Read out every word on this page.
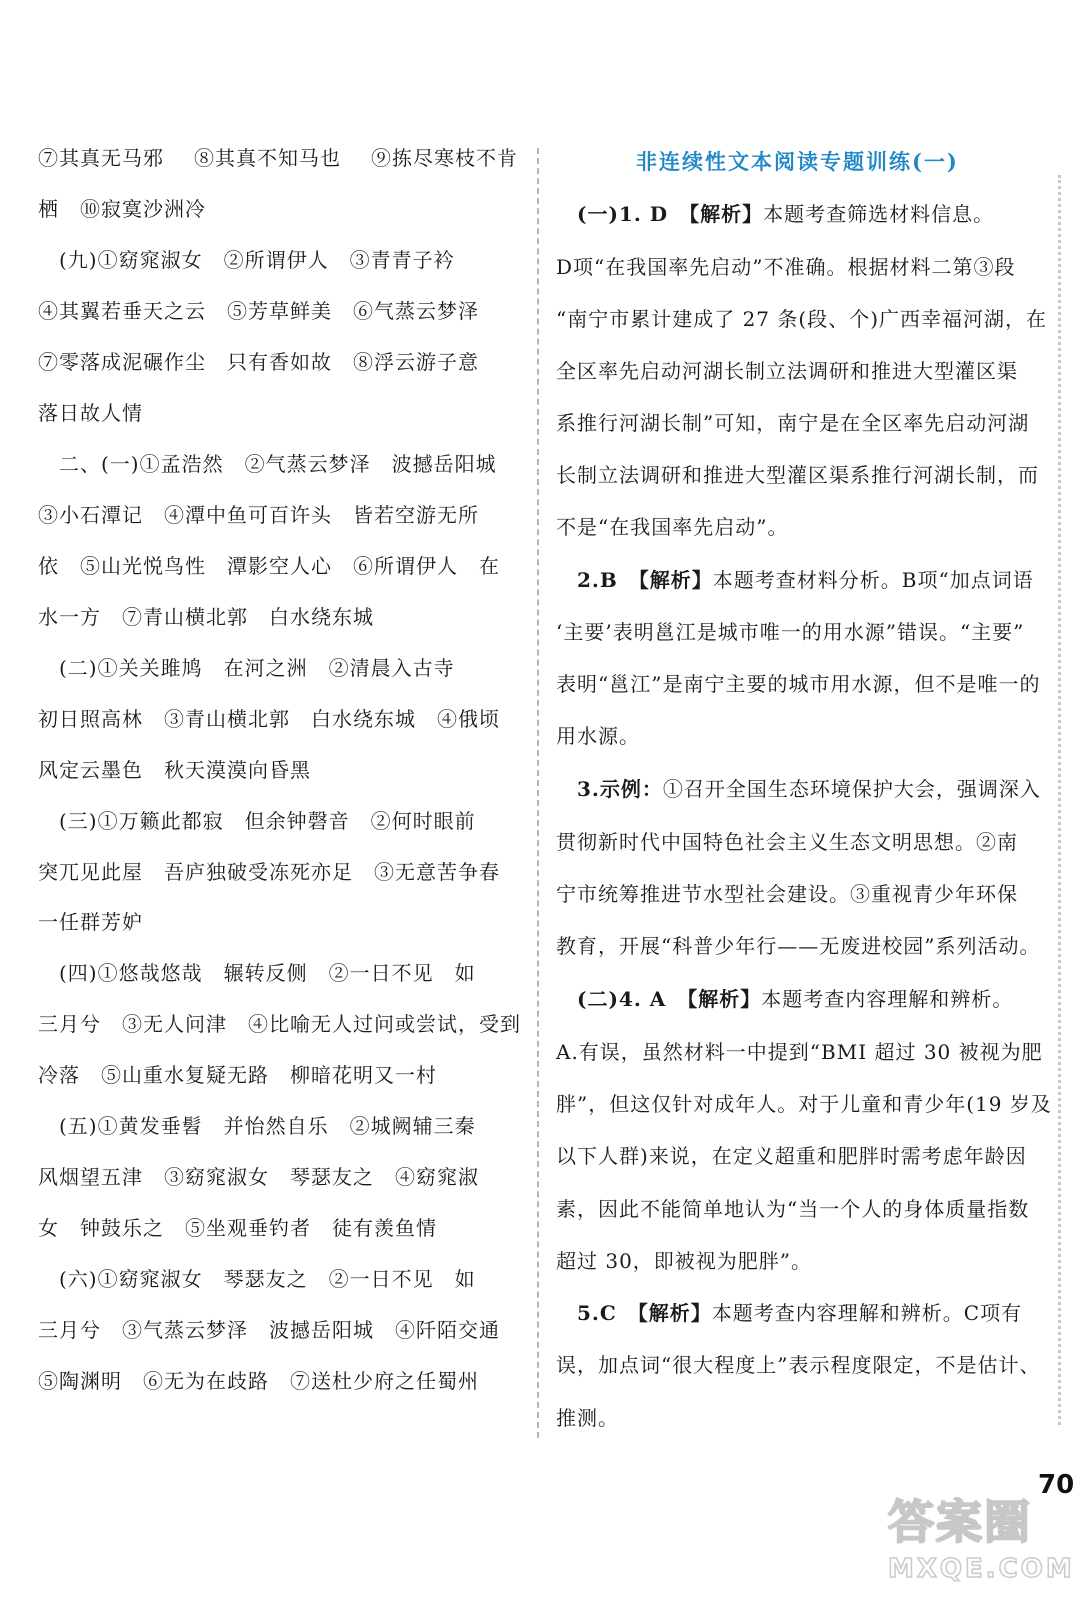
⑦其真无马邪 ⑧其真不知马也 ⑨拣尽寒枝不肯
栖　⑩寂寞沙洲冷
　(九)①窈窕淑女　②所谓伊人　③青青子衿
④其翼若垂天之云　⑤芳草鲜美　⑥气蒸云梦泽
⑦零落成泥碾作尘　只有香如故　⑧浮云游子意
落日故人情
　二、(一)①孟浩然　②气蒸云梦泽　波撼岳阳城
③小石潭记　④潭中鱼可百许头　皆若空游无所
依　⑤山光悦鸟性　潭影空人心　⑥所谓伊人　在
水一方　⑦青山横北郭　白水绕东城
　(二)①关关雎鸠　在河之洲　②清晨入古寺
初日照高林　③青山横北郭　白水绕东城　④俄顷
风定云墨色　秋天漠漠向昏黑
　(三)①万籁此都寂　但余钟磬音　②何时眼前
突兀见此屋　吾庐独破受冻死亦足　③无意苦争春
一任群芳妒
　(四)①悠哉悠哉　辗转反侧　②一日不见　如
三月兮　③无人问津　④比喻无人过问或尝试，受到
冷落　⑤山重水复疑无路　柳暗花明又一村
　(五)①黄发垂髫　并怡然自乐　②城阙辅三秦
风烟望五津　③窈窕淑女　琴瑟友之　④窈窕淑
女　钟鼓乐之　⑤坐观垂钓者　徒有羡鱼情
　(六)①窈窕淑女　琴瑟友之　②一日不见　如
三月兮　③气蒸云梦泽　波撼岳阳城　④阡陌交通
⑤陶渊明　⑥无为在歧路　⑦送杜少府之任蜀州
非连续性文本阅读专题训练(一)
　(一)1. D　 【解析】本题考查筛选材料信息。
D项“在我国率先启动”不准确。根据材料二第③段
“南宁市累计建成了 27 条(段、个)广西幸福河湖，在
全区率先启动河湖长制立法调研和推进大型灌区渠
系推行河湖长制”可知，南宁是在全区率先启动河湖
长制立法调研和推进大型灌区渠系推行河湖长制，而
不是“在我国率先启动”。
　2.B　 【解析】本题考查材料分析。B项“加点词语
‘主要’表明邕江是城市唯一的用水源”错误。“主要”
表明“邕江”是南宁主要的城市用水源，但不是唯一的
用水源。
　3.示例：①召开全国生态环境保护大会，强调深入
贯彻新时代中国特色社会主义生态文明思想。②南
宁市统筹推进节水型社会建设。③重视青少年环保
教育，开展“科普少年行——无废进校园”系列活动。
　(二)4. A　 【解析】本题考查内容理解和辨析。
A.有误，虽然材料一中提到“BMI 超过 30 被视为肥
胖”，但这仅针对成年人。对于儿童和青少年(19 岁及
以下人群)来说，在定义超重和肥胖时需考虑年龄因
素，因此不能简单地认为“当一个人的身体质量指数
超过 30，即被视为肥胖”。
　5.C　 【解析】本题考查内容理解和辨析。C项有
误，加点词“很大程度上”表示程度限定，不是估计、
推测。
70
答案圈
MXQE.COM
